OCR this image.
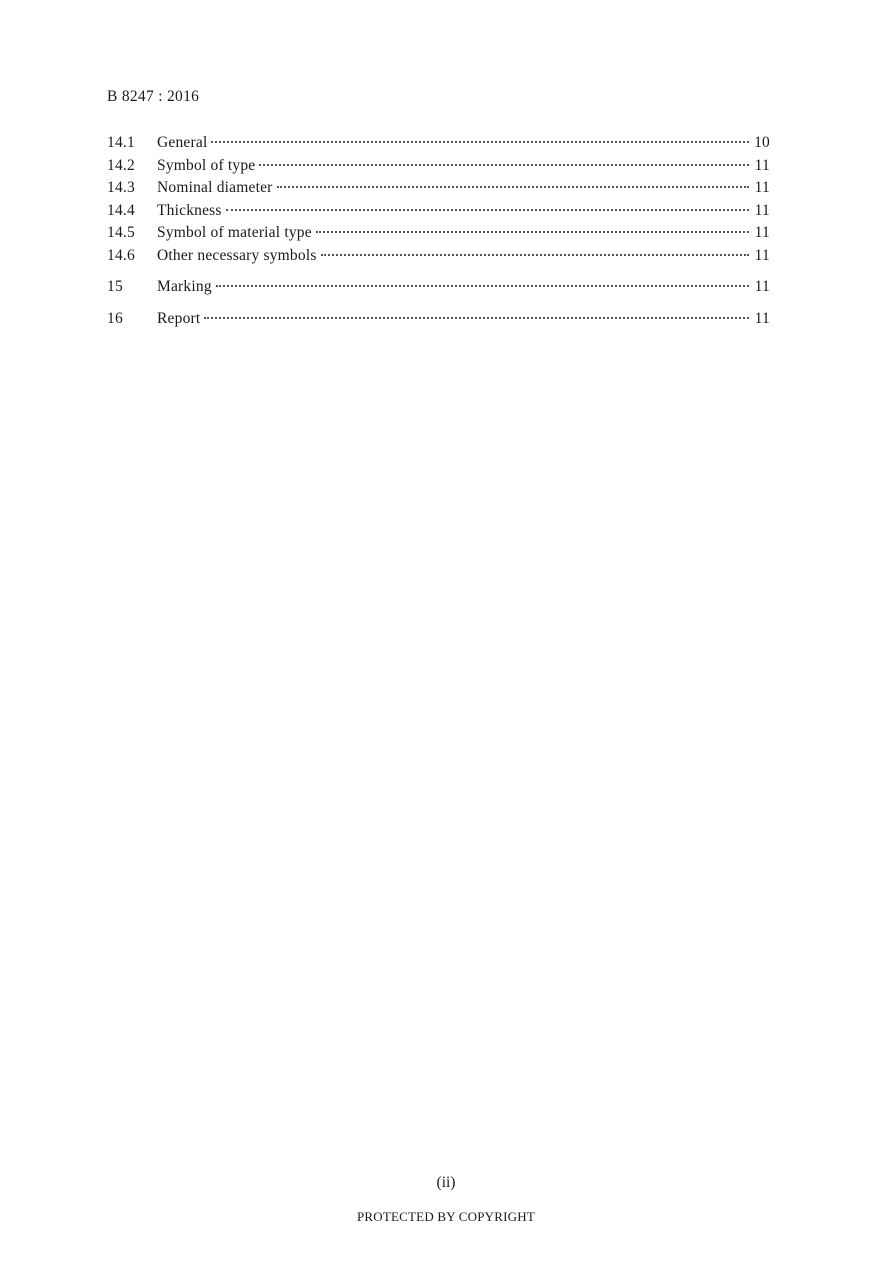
B 8247 : 2016
14.1	General	10
14.2	Symbol of type	11
14.3	Nominal diameter	11
14.4	Thickness	11
14.5	Symbol of material type	11
14.6	Other necessary symbols	11
15	Marking	11
16	Report	11
(ii)
PROTECTED BY COPYRIGHT
